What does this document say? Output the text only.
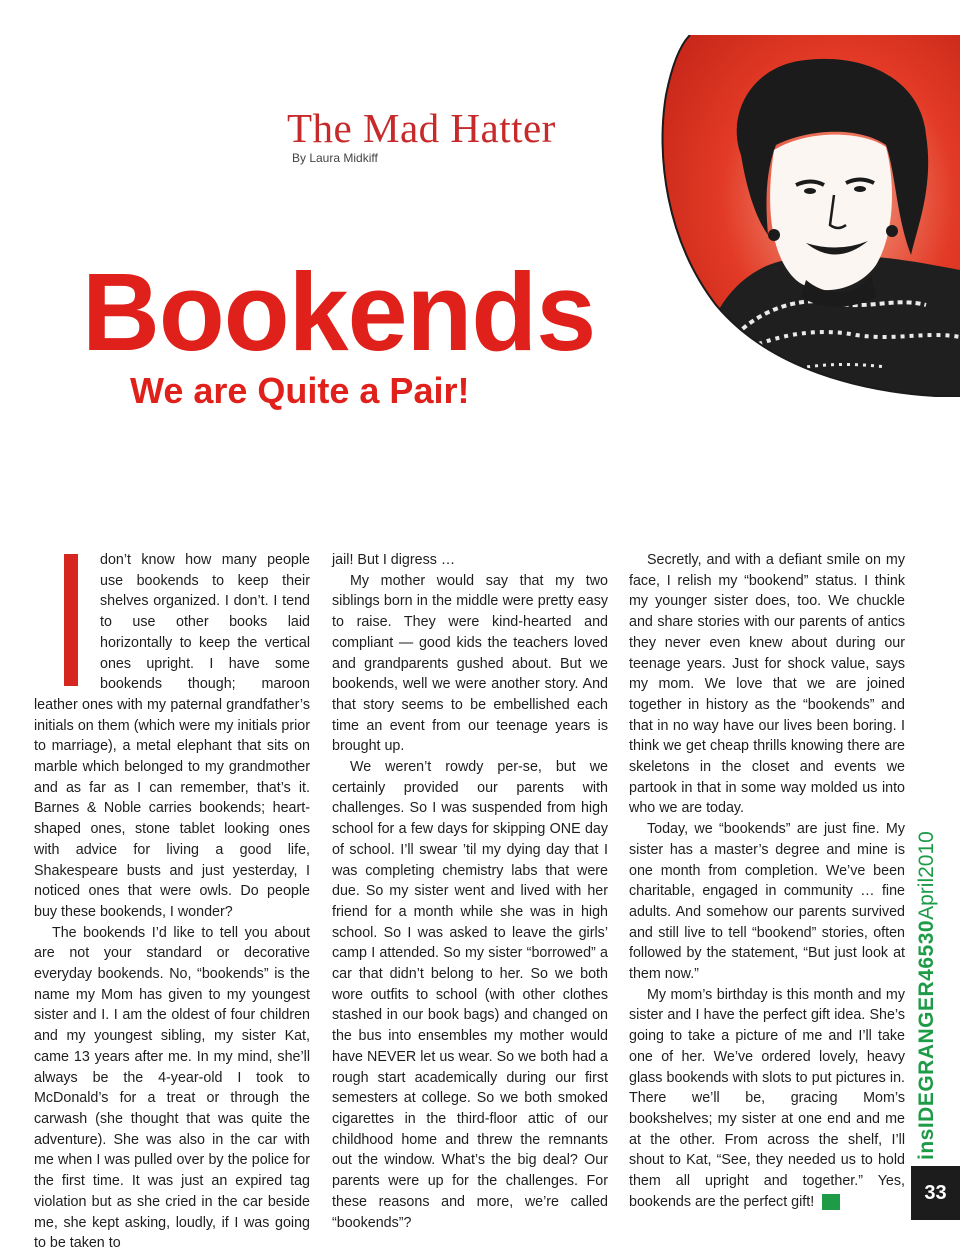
The Mad Hatter
By Laura Midkiff
Bookends
We are Quite a Pair!

don’t know how many people use bookends to keep their shelves organized. I don’t. I tend to use other books laid horizontally to keep the vertical ones upright. I have some bookends though; maroon leather ones with my paternal grandfather’s initials on them (which were my initials prior to marriage), a metal elephant that sits on marble which belonged to my grandmother and as far as I can remember, that’s it. Barnes & Noble carries bookends; heart-shaped ones, stone tablet looking ones with advice for living a good life, Shakespeare busts and just yesterday, I noticed ones that were owls. Do people buy these bookends, I wonder?

The bookends I’d like to tell you about are not your standard or decorative everyday bookends. No, “bookends” is the name my Mom has given to my youngest sister and I. I am the oldest of four children and my youngest sibling, my sister Kat, came 13 years after me. In my mind, she’ll always be the 4-year-old I took to McDonald’s for a treat or through the carwash (she thought that was quite the adventure). She was also in the car with me when I was pulled over by the police for the first time. It was just an expired tag violation but as she cried in the car beside me, she kept asking, loudly, if I was going to be taken to

jail! But I digress …

My mother would say that my two siblings born in the middle were pretty easy to raise. They were kind-hearted and compliant — good kids the teachers loved and grandparents gushed about. But we bookends, well we were another story. And that story seems to be embellished each time an event from our teenage years is brought up.

We weren’t rowdy per-se, but we certainly provided our parents with challenges. So I was suspended from high school for a few days for skipping ONE day of school. I’ll swear ’til my dying day that I was completing chemistry labs that were due. So my sister went and lived with her friend for a month while she was in high school. So I was asked to leave the girls’ camp I attended. So my sister “borrowed” a car that didn’t belong to her. So we both wore outfits to school (with other clothes stashed in our book bags) and changed on the bus into ensembles my mother would have NEVER let us wear. So we both had a rough start academically during our first semesters at college. So we both smoked cigarettes in the third-floor attic of our childhood home and threw the remnants out the window. What’s the big deal? Our parents were up for the challenges. For these reasons and more, we’re called “bookends”?

Secretly, and with a defiant smile on my face, I relish my “bookend” status. I think my younger sister does, too. We chuckle and share stories with our parents of antics they never even knew about during our teenage years. Just for shock value, says my mom. We love that we are joined together in history as the “bookends” and that in no way have our lives been boring. I think we get cheap thrills knowing there are skeletons in the closet and events we partook in that in some way molded us into who we are today.

Today, we “bookends” are just fine. My sister has a master’s degree and mine is one month from completion. We’ve been charitable, engaged in community … fine adults. And somehow our parents survived and still live to tell “bookend” stories, often followed by the statement, “But just look at them now.”

My mom’s birthday is this month and my sister and I have the perfect gift idea. She’s going to take a picture of me and I’ll take one of her. We’ve ordered lovely, heavy glass bookends with slots to put pictures in. There we’ll be, gracing Mom’s bookshelves; my sister at one end and me at the other. From across the shelf, I’ll shout to Kat, “See, they needed us to hold them all upright and together.” Yes, bookends are the perfect gift!	IG

insIDEGRANGER46530April2010
33
